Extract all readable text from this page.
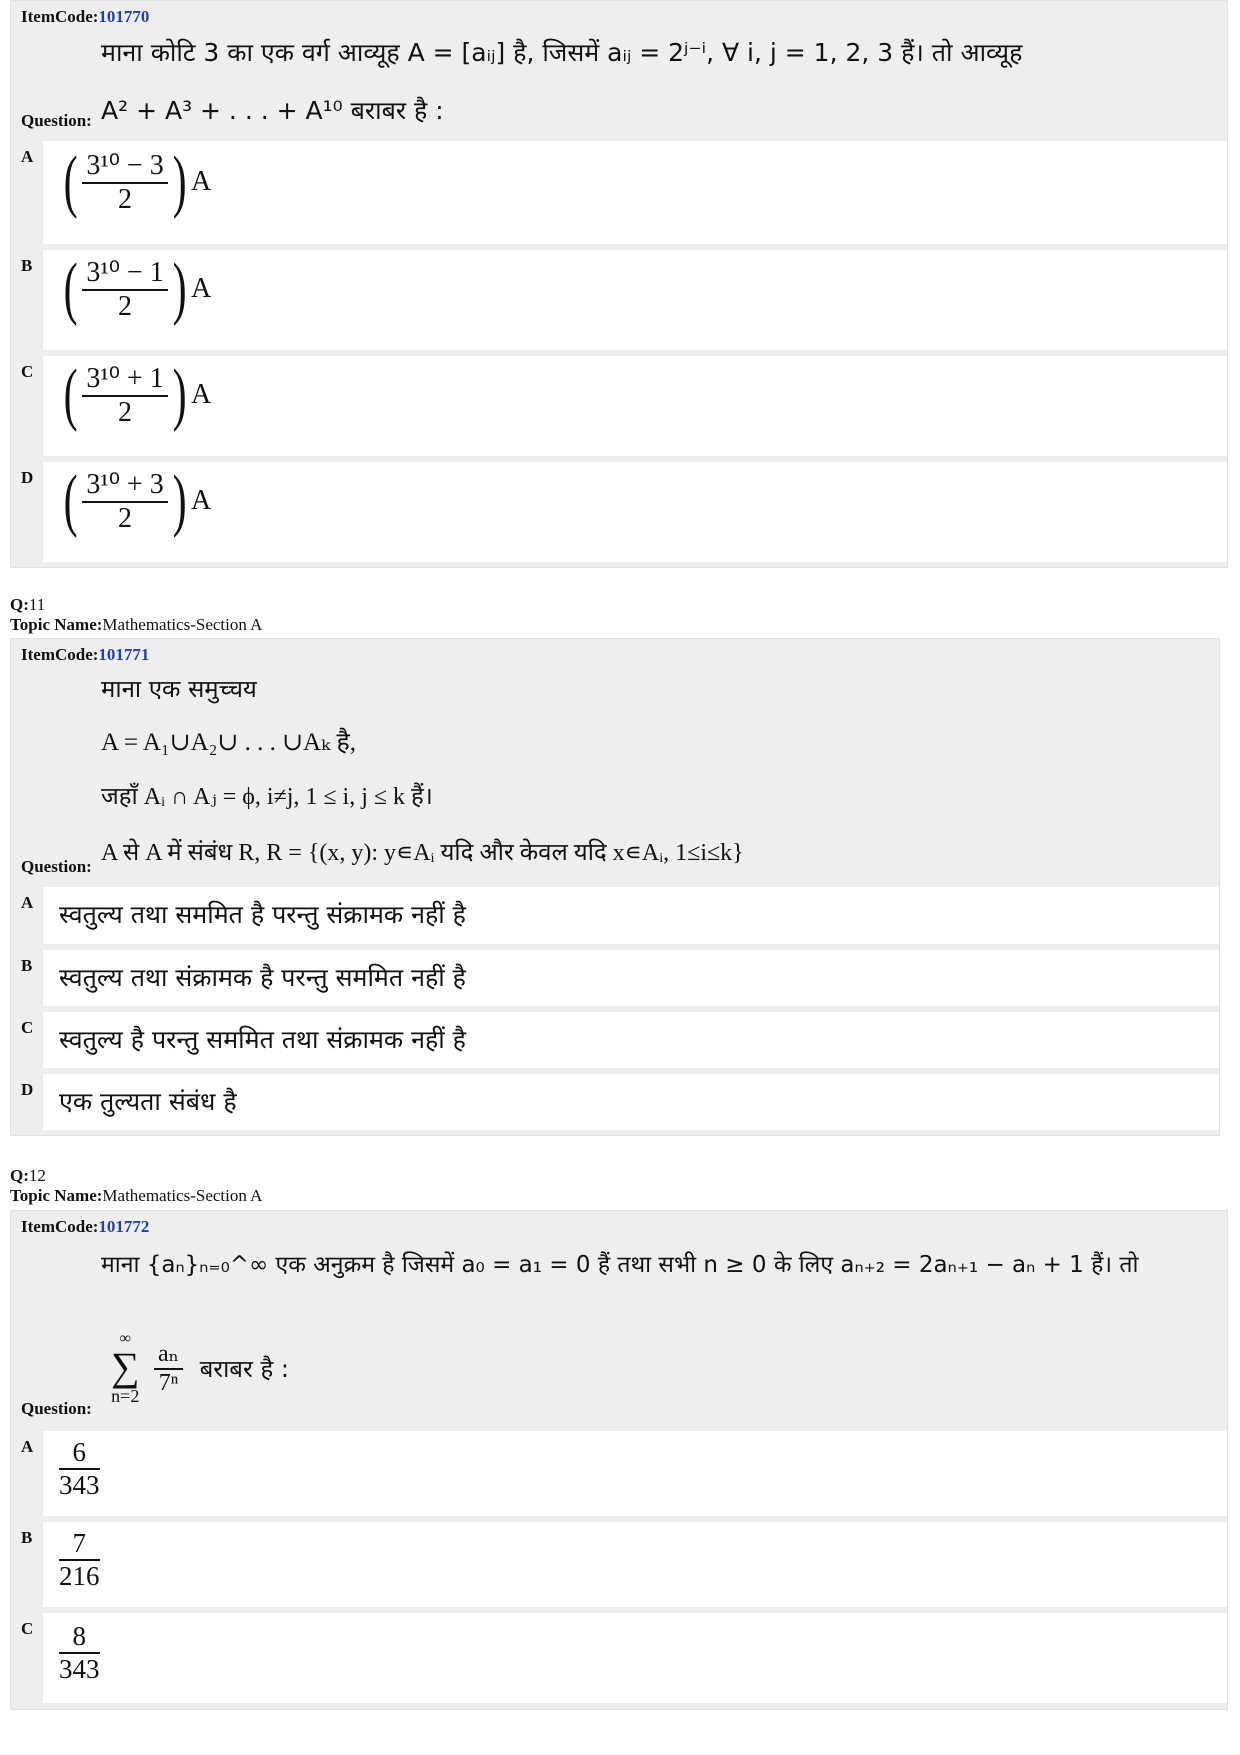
ItemCode:101770
माना कोटि 3 का एक वर्ग आव्यूह A = [aᵢⱼ] है, जिसमें aᵢⱼ = 2ʲ⁻ⁱ, ∀ i, j = 1, 2, 3 हैं। तो आव्यूह
Question: A² + A³ + . . . + A¹⁰ बराबर है :
A ( $\frac{\text{3¹⁰ − 3}}{2}$ ) A
B ( $\frac{\text{3¹⁰ − 1}}{2}$ ) A
C ( $\frac{\text{3¹⁰ + 1}}{2}$ ) A
D ( $\frac{\text{3¹⁰ + 3}}{2}$ ) A
Q:11
Topic Name:Mathematics-Section A
ItemCode:101771
माना एक समुच्चय
A = A₁∪A₂∪ . . . ∪Aₖ है,
जहाँ Aᵢ ∩ Aⱼ = ϕ, i≠j, 1 ≤ i, j ≤ k हैं।
Question:
A से A में संबंध R, R = {(x, y): y∊Aᵢ यदि और केवल यदि x∊Aᵢ, 1≤i≤k}
A	स्वतुल्य तथा सममित है परन्तु संक्रामक नहीं है
B	स्वतुल्य तथा संक्रामक है परन्तु सममित नहीं है
C	स्वतुल्य है परन्तु सममित तथा संक्रामक नहीं है
D	एक तुल्यता संबंध है
Q:12
Topic Name:Mathematics-Section A
ItemCode:101772
माना {aₙ}ₙ₌₀^∞ एक अनुक्रम है जिसमें a₀ = a₁ = 0 हैं तथा सभी n ≥ 0 के लिए aₙ₊₂ = 2aₙ₊₁ − aₙ + 1 हैं। तो
Question:
∞
∑
n=2
$\frac{\text{aₙ}}{\text{7ⁿ}}$ बराबर है :
A $\frac{6}{343}$
B $\frac{7}{216}$
C $\frac{8}{343}$
